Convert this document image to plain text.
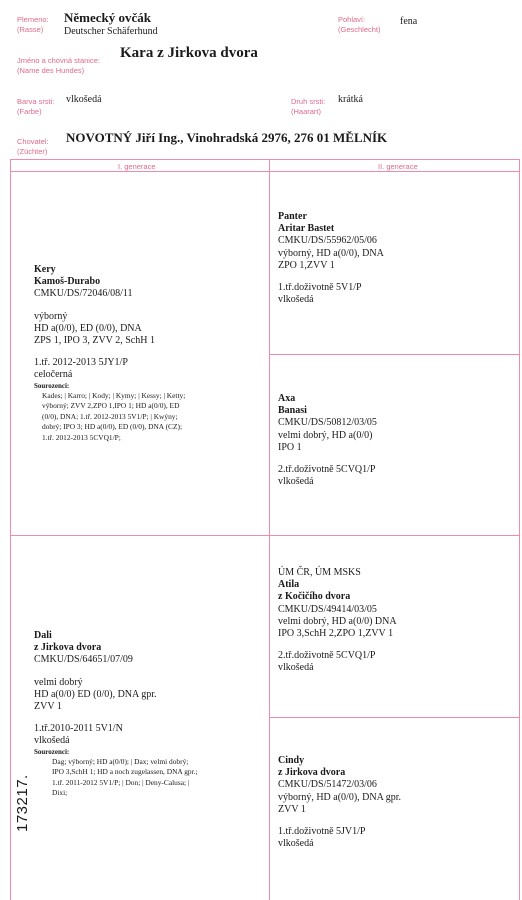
Plemeno:
(Rasse)
Německý ovčák
Deutscher Schäferhund
Pohlaví:
(Geschlecht)
fena
Jméno a chovná stanice:
(Name des Hundes)
Kara z Jirkova dvora
Barva srsti:
(Farbe)
vlkošedá	Druh srsti:
(Haarart)
krátká
Chovatel:
(Züchter)
NOVOTNÝ Jiří Ing., Vinohradská 2976, 276 01 MĚLNÍK
I. generace	II. generace
Kery
Kamoš-Durabo
CMKU/DS/72046/08/11
výborný
HD a(0/0), ED (0/0), DNA
ZPS 1, IPO 3, ZVV 2, SchH 1
1.tř. 2012-2013 5JY1/P
celočerná
Sourozenci:
Kades; | Karro; | Kody; | Kymy; | Kessy; | Ketty;
výborný; ZVV 2,ZPO 1,IPO 1; HD a(0/0), ED
(0/0), DNA; 1.tř. 2012-2013 5V1/P; | Kwýny;
dobrý; IPO 3; HD a(0/0), ED (0/0), DNA (CZ);
1.tř. 2012-2013 5CVQ1/P;
Dali
z Jirkova dvora
CMKU/DS/64651/07/09
velmi dobrý
HD a(0/0) ED (0/0), DNA gpr.
ZVV 1
1.tř.2010-2011 5V1/N
vlkošedá
Sourozenci:
Dag; výborný; HD a(0/0); | Dax; velmi dobrý;
IPO 3,SchH 1; HD a noch zugelassen, DNA gpr.;
1.tř. 2011-2012 5V1/P; | Don; | Deny-Calusa; |
Dixi;
Panter
Aritar Bastet
CMKU/DS/55962/05/06
výborný, HD a(0/0), DNA
ZPO 1,ZVV 1
1.tř.doživotně 5V1/P
vlkošedá
Axa
Banasi
CMKU/DS/50812/03/05
velmi dobrý, HD a(0/0)
IPO 1
2.tř.doživotně 5CVQ1/P
vlkošedá
ÚM ČR, ÚM MSKS
Atila
z Kočičího dvora
CMKU/DS/49414/03/05
velmi dobrý, HD a(0/0) DNA
IPO 3,SchH 2,ZPO 1,ZVV 1
2.tř.doživotně 5CVQ1/P
vlkošedá
Cindy
z Jirkova dvora
CMKU/DS/51472/03/06
výborný, HD a(0/0), DNA gpr.
ZVV 1
1.tř.doživotně 5JV1/P
vlkošedá
173217.
